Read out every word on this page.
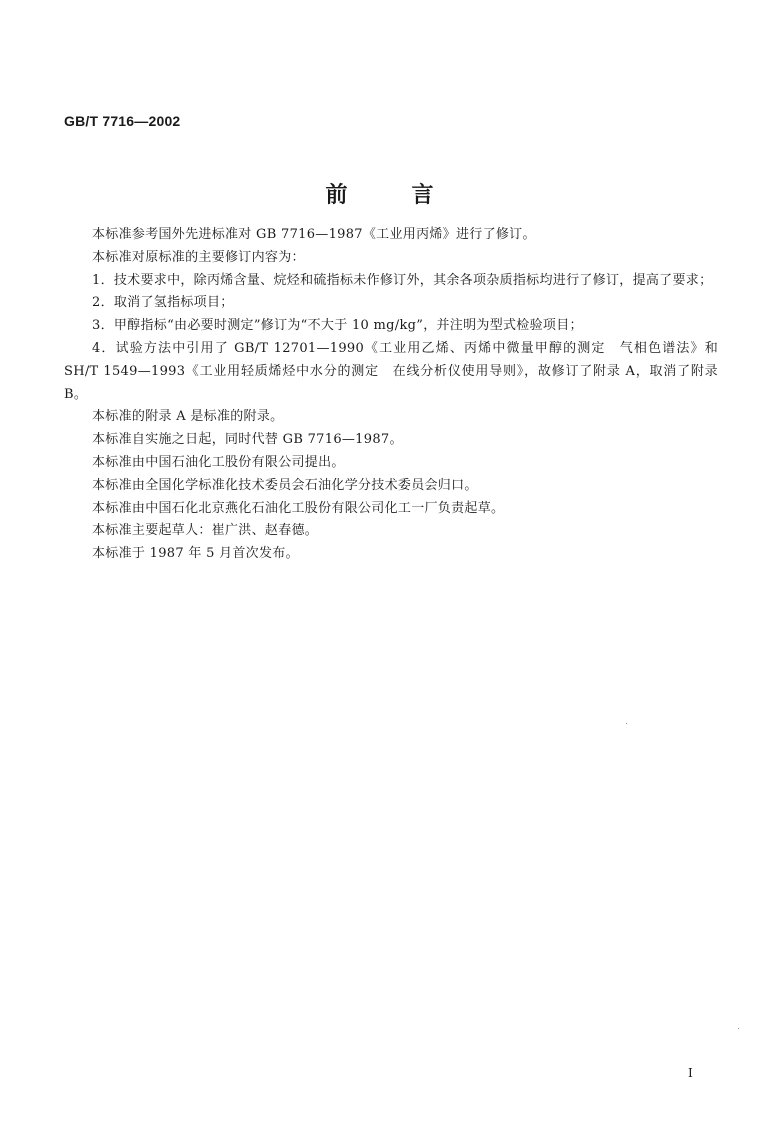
GB/T 7716—2002
前	言

本标准参考国外先进标准对 GB 7716—1987《工业用丙烯》进行了修订。

本标准对原标准的主要修订内容为：

1．技术要求中，除丙烯含量、烷烃和硫指标未作修订外，其余各项杂质指标均进行了修订，提高了要求；

2．取消了氢指标项目；

3．甲醇指标“由必要时测定”修订为“不大于 10 mg/kg”，并注明为型式检验项目；

4．试验方法中引用了 GB/T 12701—1990《工业用乙烯、丙烯中微量甲醇的测定　气相色谱法》和 SH/T 1549—1993《工业用轻质烯烃中水分的测定　在线分析仪使用导则》，故修订了附录 A，取消了附录 B。

本标准的附录 A 是标准的附录。

本标准自实施之日起，同时代替 GB 7716—1987。

本标准由中国石油化工股份有限公司提出。

本标准由全国化学标准化技术委员会石油化学分技术委员会归口。

本标准由中国石化北京燕化石油化工股份有限公司化工一厂负责起草。

本标准主要起草人：崔广洪、赵春德。

本标准于 1987 年 5 月首次发布。

I
